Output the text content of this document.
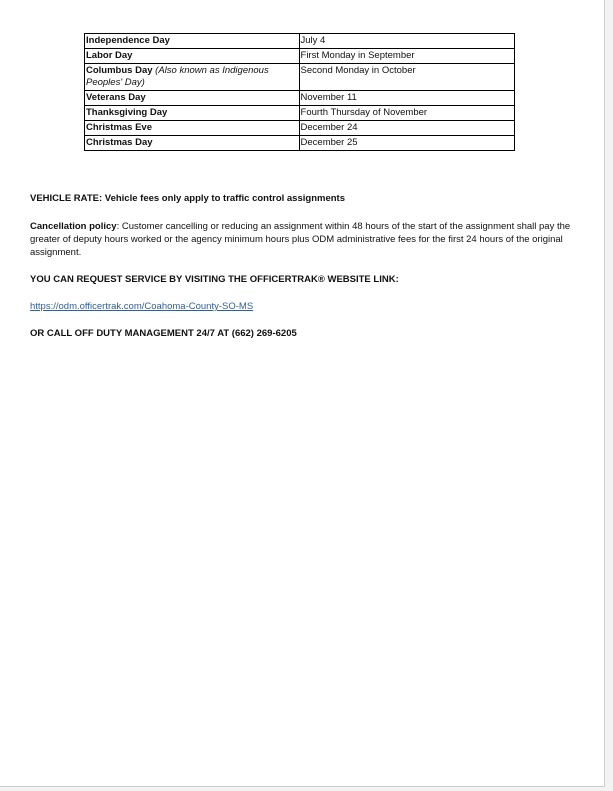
Independence Day	July 4
Labor Day	First Monday in September
Columbus Day (Also known as Indigenous Peoples' Day)	Second Monday in October
Veterans Day	November 11
Thanksgiving Day	Fourth Thursday of November
Christmas Eve	December 24
Christmas Day	December 25

VEHICLE RATE: Vehicle fees only apply to traffic control assignments

Cancellation policy: Customer cancelling or reducing an assignment within 48 hours of the start of the assignment shall pay the greater of deputy hours worked or the agency minimum hours plus ODM administrative fees for the first 24 hours of the original assignment.

YOU CAN REQUEST SERVICE BY VISITING THE OFFICERTRAK® WEBSITE LINK:

https://odm.officertrak.com/Coahoma-County-SO-MS

OR CALL OFF DUTY MANAGEMENT 24/7 AT (662) 269-6205
